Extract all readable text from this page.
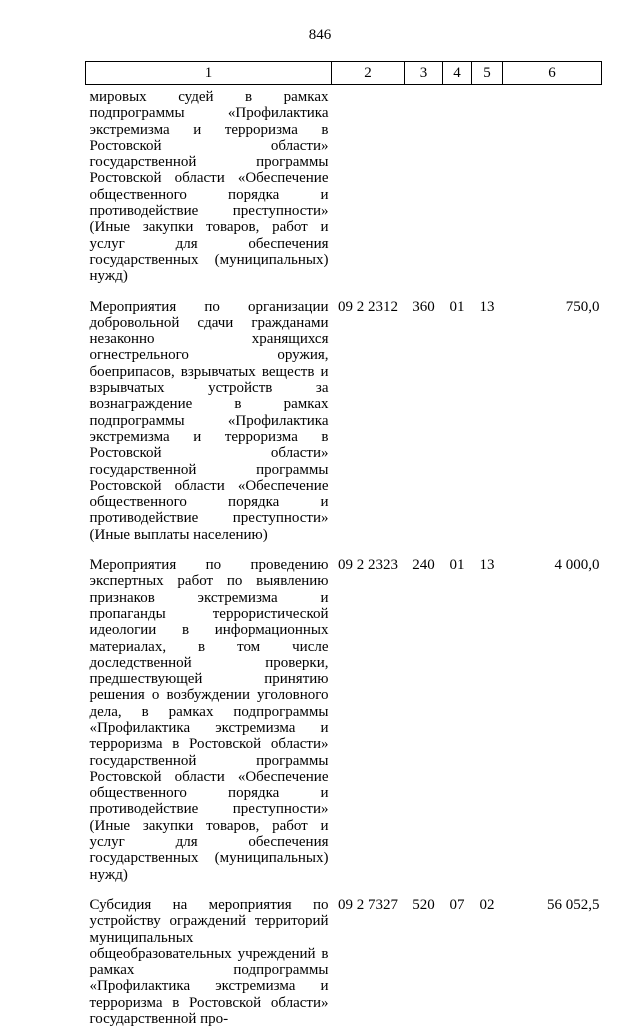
846
1	2	3	4	5	6
мировых судей в рамках подпрограммы «Профилактика экстремизма и терроризма в Ростовской области» государственной программы Ростовской области «Обеспечение общественного порядка и противодействие преступности» (Иные закупки товаров, работ и услуг для обеспечения государственных (муниципальных) нужд)					

Мероприятия по организации добровольной сдачи гражданами незаконно хранящихся огнестрельного оружия, боеприпасов, взрывчатых веществ и взрывчатых устройств за вознаграждение в рамках подпрограммы «Профилактика экстремизма и терроризма в Ростовской области» государственной программы Ростовской области «Обеспечение общественного порядка и противодействие преступности» (Иные выплаты населению)	09 2 2312	360	01	13	750,0

Мероприятия по проведению экспертных работ по выявлению признаков экстремизма и пропаганды террористической идеологии в информационных материалах, в том числе доследственной проверки, предшествующей принятию решения о возбуждении уголовного дела, в рамках подпрограммы «Профилактика экстремизма и терроризма в Ростовской области» государственной программы Ростовской области «Обеспечение общественного порядка и противодействие преступности» (Иные закупки товаров, работ и услуг для обеспечения государственных (муниципальных) нужд)	09 2 2323	240	01	13	4 000,0

Субсидия на мероприятия по устройству ограждений территорий муниципальных общеобразовательных учреждений в рамках подпрограммы «Профилактика экстремизма и терроризма в Ростовской области» государственной про-	09 2 7327	520	07	02	56 052,5
